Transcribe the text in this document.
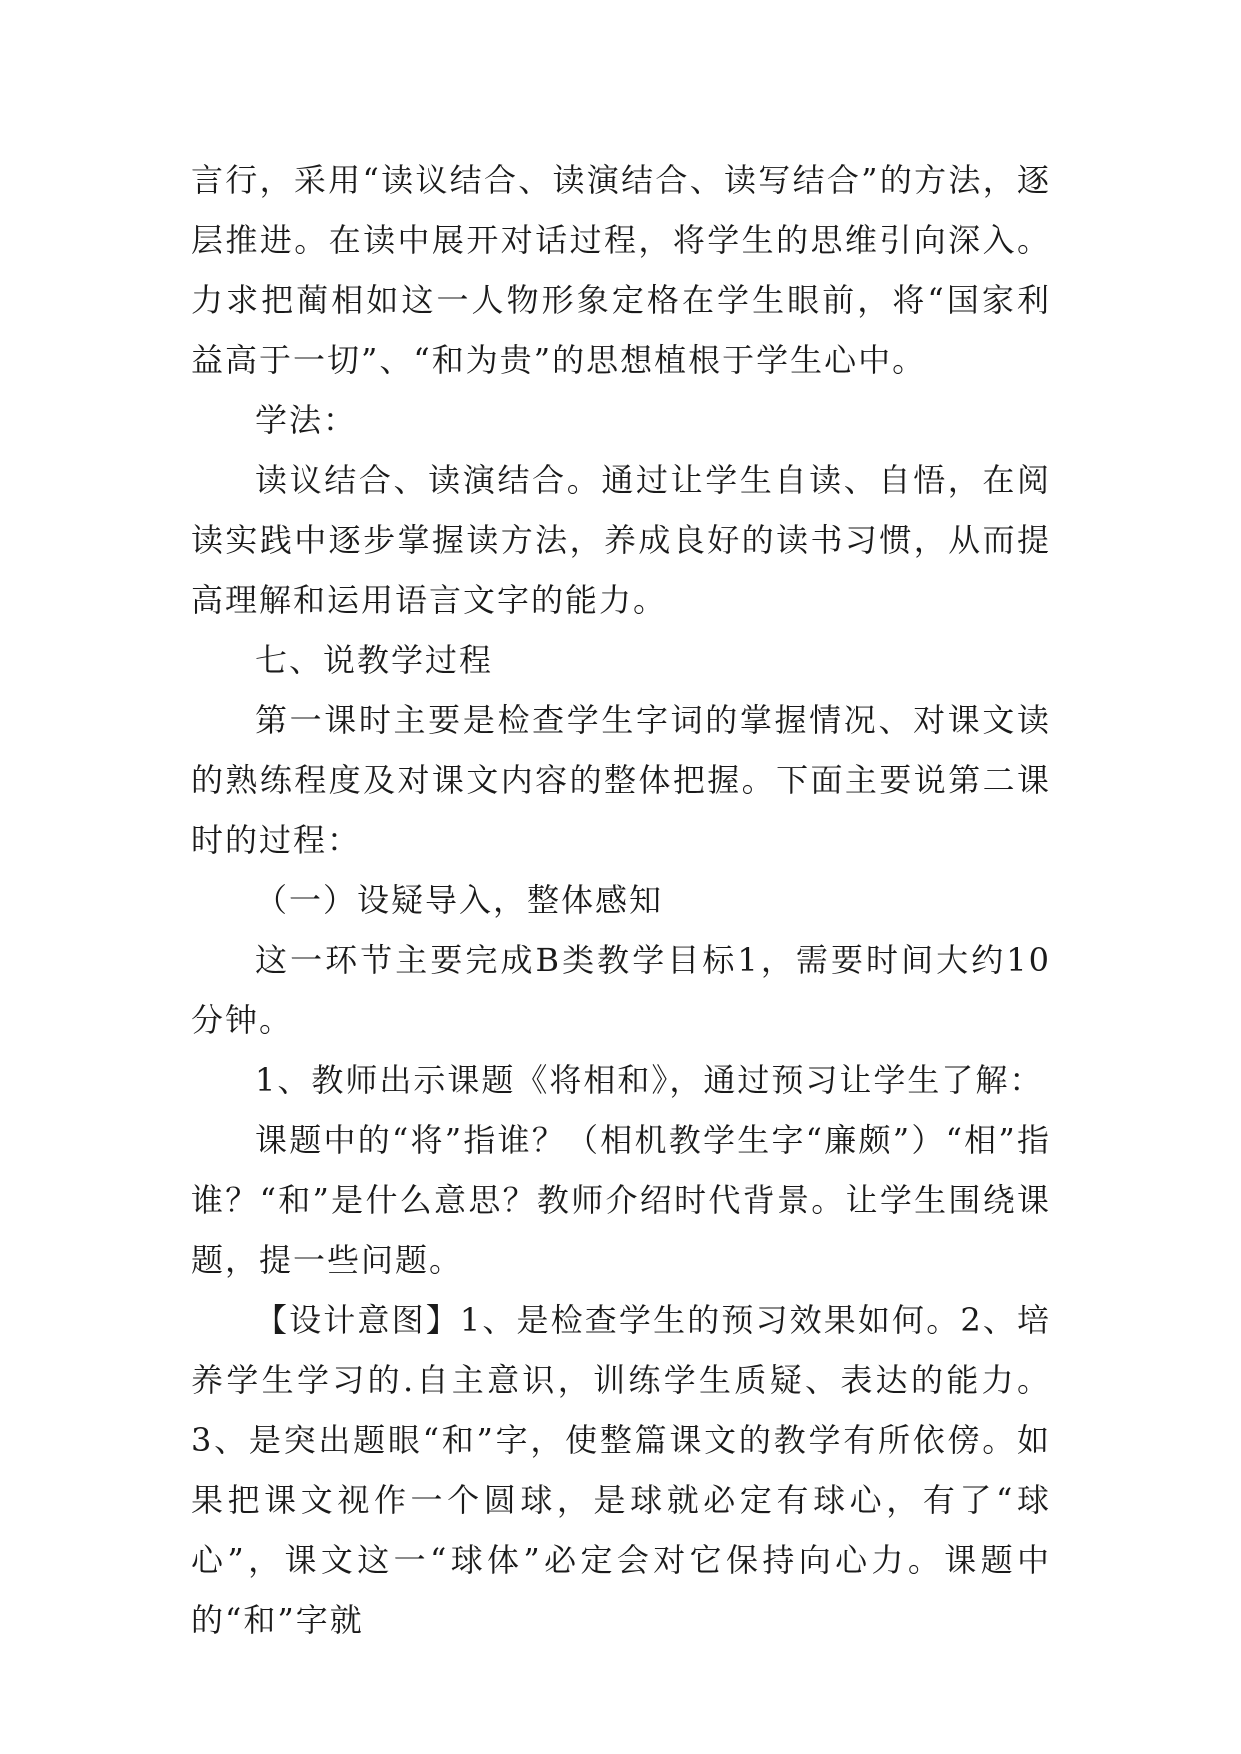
言行，采用“读议结合、读演结合、读写结合”的方法，逐层推进。在读中展开对话过程，将学生的思维引向深入。力求把蔺相如这一人物形象定格在学生眼前，将“国家利益高于一切”、“和为贵”的思想植根于学生心中。

学法：

读议结合、读演结合。通过让学生自读、自悟，在阅读实践中逐步掌握读方法，养成良好的读书习惯，从而提高理解和运用语言文字的能力。

七、说教学过程

第一课时主要是检查学生字词的掌握情况、对课文读的熟练程度及对课文内容的整体把握。下面主要说第二课时的过程：

（一）设疑导入，整体感知

这一环节主要完成B类教学目标1，需要时间大约10分钟。

1、教师出示课题《将相和》，通过预习让学生了解：

课题中的“将”指谁？（相机教学生字“廉颇”）“相”指谁？“和”是什么意思？教师介绍时代背景。让学生围绕课题，提一些问题。

【设计意图】1、是检查学生的预习效果如何。2、培养学生学习的.自主意识，训练学生质疑、表达的能力。3、是突出题眼“和”字，使整篇课文的教学有所依傍。如果把课文视作一个圆球，是球就必定有球心，有了“球心”，课文这一“球体”必定会对它保持向心力。课题中的“和”字就
